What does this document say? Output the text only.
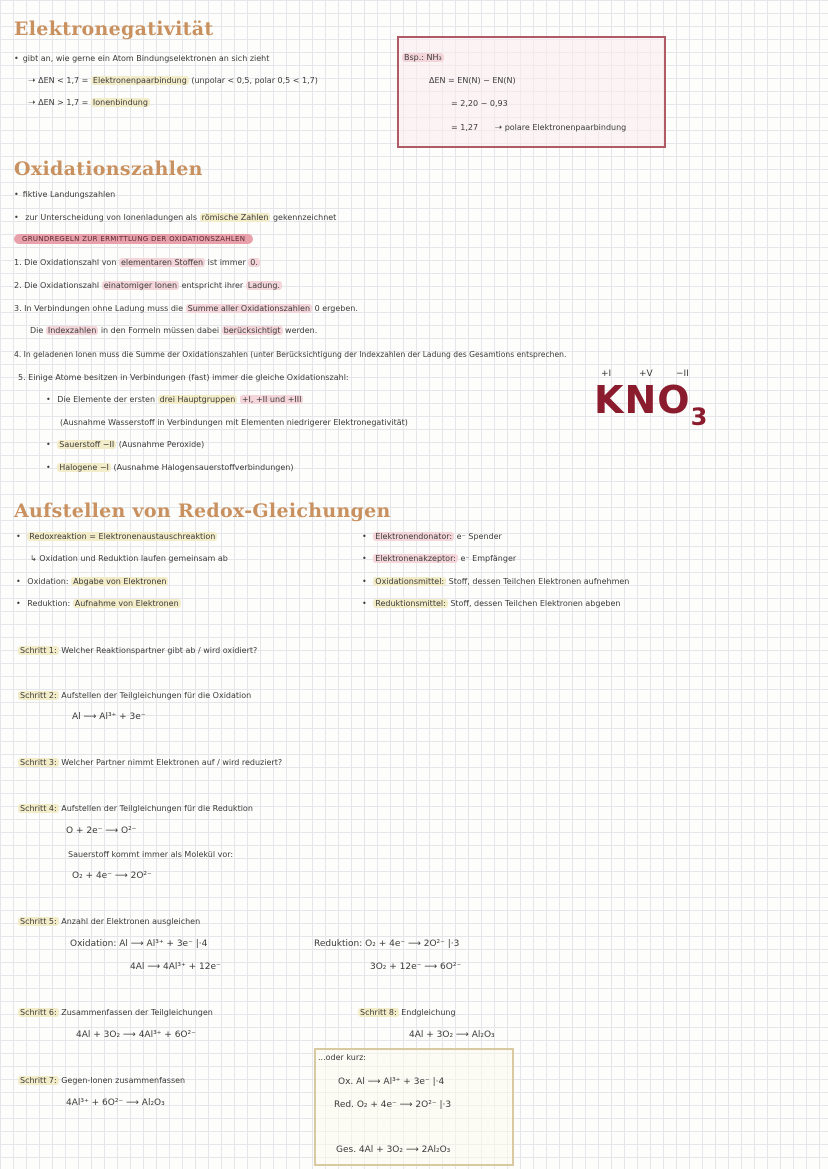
Elektronegativität
• gibt an, wie gerne ein Atom Bindungselektronen an sich zieht
➝ ΔEN < 1,7 = Elektronenpaarbindung (unpolar < 0,5, polar 0,5 < 1,7)
➝ ΔEN > 1,7 = Ionenbindung
Bsp.: NH₃
ΔEN = EN(N) − EN(N)
= 2,20 − 0,93
= 1,27 ➝ polare Elektronenpaarbindung
Oxidationszahlen
• fiktive Landungszahlen
• zur Unterscheidung von Ionenladungen als römische Zahlen gekennzeichnet
GRUNDREGELN ZUR ERMITTLUNG DER OXIDATIONSZAHLEN
1. Die Oxidationszahl von elementaren Stoffen ist immer 0.
2. Die Oxidationszahl einatomiger Ionen entspricht ihrer Ladung.
3. In Verbindungen ohne Ladung muss die Summe aller Oxidationszahlen 0 ergeben.
Die Indexzahlen in den Formeln müssen dabei berücksichtigt werden.
4. In geladenen Ionen muss die Summe der Oxidationszahlen (unter Berücksichtigung der Indexzahlen der Ladung des Gesamtions entsprechen.
5. Einige Atome besitzen in Verbindungen (fast) immer die gleiche Oxidationszahl:
• Die Elemente der ersten drei Hauptgruppen +I, +II und +III
(Ausnahme Wasserstoff in Verbindungen mit Elementen niedrigerer Elektronegativität)
• Sauerstoff −II (Ausnahme Peroxide)
• Halogene −I (Ausnahme Halogensauerstoffverbindungen)
+I	+V	−II
$KNO_3$
Aufstellen von Redox-Gleichungen
• Redoxreaktion = Elektronenaustauschreaktion
↳ Oxidation und Reduktion laufen gemeinsam ab
• Oxidation: Abgabe von Elektronen
• Reduktion: Aufnahme von Elektronen
• Elektronendonator: e⁻ Spender
• Elektronenakzeptor: e⁻ Empfänger
• Oxidationsmittel: Stoff, dessen Teilchen Elektronen aufnehmen
• Reduktionsmittel: Stoff, dessen Teilchen Elektronen abgeben
Schritt 1: Welcher Reaktionspartner gibt ab / wird oxidiert?
Schritt 2: Aufstellen der Teilgleichungen für die Oxidation
Al ⟶ Al³⁺ + 3e⁻
Schritt 3: Welcher Partner nimmt Elektronen auf / wird reduziert?
Schritt 4: Aufstellen der Teilgleichungen für die Reduktion
O + 2e⁻ ⟶ O²⁻
Sauerstoff kommt immer als Molekül vor:
O₂ + 4e⁻ ⟶ 2O²⁻
Schritt 5: Anzahl der Elektronen ausgleichen
Oxidation: Al ⟶ Al³⁺ + 3e⁻ |·4
4Al ⟶ 4Al³⁺ + 12e⁻
Reduktion: O₂ + 4e⁻ ⟶ 2O²⁻ |·3
3O₂ + 12e⁻ ⟶ 6O²⁻
Schritt 6: Zusammenfassen der Teilgleichungen
4Al + 3O₂ ⟶ 4Al³⁺ + 6O²⁻
Schritt 8: Endgleichung
4Al + 3O₂ ⟶ Al₂O₃
Schritt 7: Gegen-Ionen zusammenfassen
4Al³⁺ + 6O²⁻ ⟶ Al₂O₃
...oder kurz:
Ox. Al ⟶ Al³⁺ + 3e⁻ |·4
Red. O₂ + 4e⁻ ⟶ 2O²⁻ |·3
Ges. 4Al + 3O₂ ⟶ 2Al₂O₃
